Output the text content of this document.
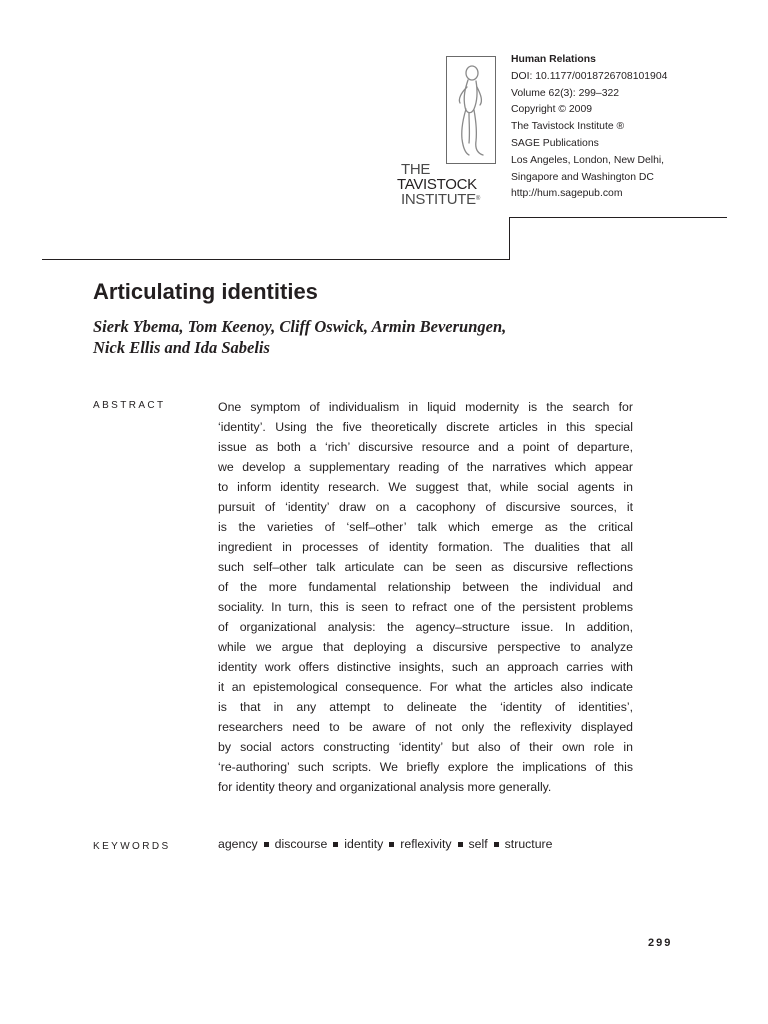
THE
TAVISTOCK
INSTITUTE®
Human Relations
DOI: 10.1177/0018726708101904
Volume 62(3): 299–322
Copyright © 2009
The Tavistock Institute ®
SAGE Publications
Los Angeles, London, New Delhi,
Singapore and Washington DC
http://hum.sagepub.com
Articulating identities
Sierk Ybema, Tom Keenoy, Cliff Oswick, Armin Beverungen,
Nick Ellis and Ida Sabelis
ABSTRACT	One symptom of individualism in liquid modernity is the search for
‘identity’. Using the five theoretically discrete articles in this special
issue as both a ‘rich’ discursive resource and a point of departure,
we develop a supplementary reading of the narratives which appear
to inform identity research. We suggest that, while social agents in
pursuit of ‘identity’ draw on a cacophony of discursive sources, it
is the varieties of ‘self–other’ talk which emerge as the critical
ingredient in processes of identity formation. The dualities that all
such self–other talk articulate can be seen as discursive reflections
of the more fundamental relationship between the individual and
sociality. In turn, this is seen to refract one of the persistent problems
of organizational analysis: the agency–structure issue. In addition,
while we argue that deploying a discursive perspective to analyze
identity work offers distinctive insights, such an approach carries with
it an epistemological consequence. For what the articles also indicate
is that in any attempt to delineate the ‘identity of identities’,
researchers need to be aware of not only the reflexivity displayed
by social actors constructing ‘identity’ but also of their own role in
‘re-authoring’ such scripts. We briefly explore the implications of this
for identity theory and organizational analysis more generally.
KEYWORDS	agency discourse identity reflexivity self structure
299
